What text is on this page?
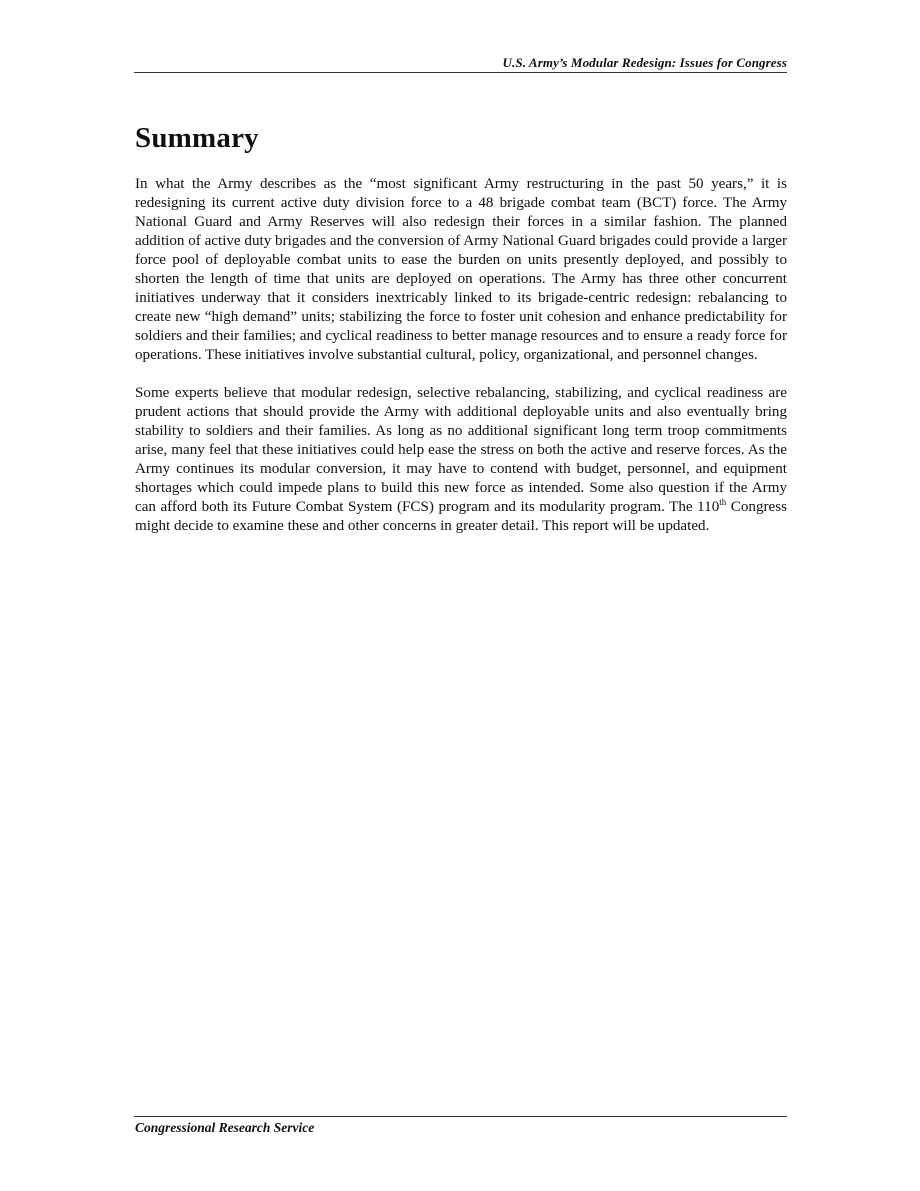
U.S. Army’s Modular Redesign: Issues for Congress
Summary

In what the Army describes as the “most significant Army restructuring in the past 50 years,” it is redesigning its current active duty division force to a 48 brigade combat team (BCT) force. The Army National Guard and Army Reserves will also redesign their forces in a similar fashion. The planned addition of active duty brigades and the conversion of Army National Guard brigades could provide a larger force pool of deployable combat units to ease the burden on units presently deployed, and possibly to shorten the length of time that units are deployed on operations. The Army has three other concurrent initiatives underway that it considers inextricably linked to its brigade-centric redesign: rebalancing to create new “high demand” units; stabilizing the force to foster unit cohesion and enhance predictability for soldiers and their families; and cyclical readiness to better manage resources and to ensure a ready force for operations. These initiatives involve substantial cultural, policy, organizational, and personnel changes.

Some experts believe that modular redesign, selective rebalancing, stabilizing, and cyclical readiness are prudent actions that should provide the Army with additional deployable units and also eventually bring stability to soldiers and their families. As long as no additional significant long term troop commitments arise, many feel that these initiatives could help ease the stress on both the active and reserve forces. As the Army continues its modular conversion, it may have to contend with budget, personnel, and equipment shortages which could impede plans to build this new force as intended. Some also question if the Army can afford both its Future Combat System (FCS) program and its modularity program. The 110th Congress might decide to examine these and other concerns in greater detail. This report will be updated.

Congressional Research Service
